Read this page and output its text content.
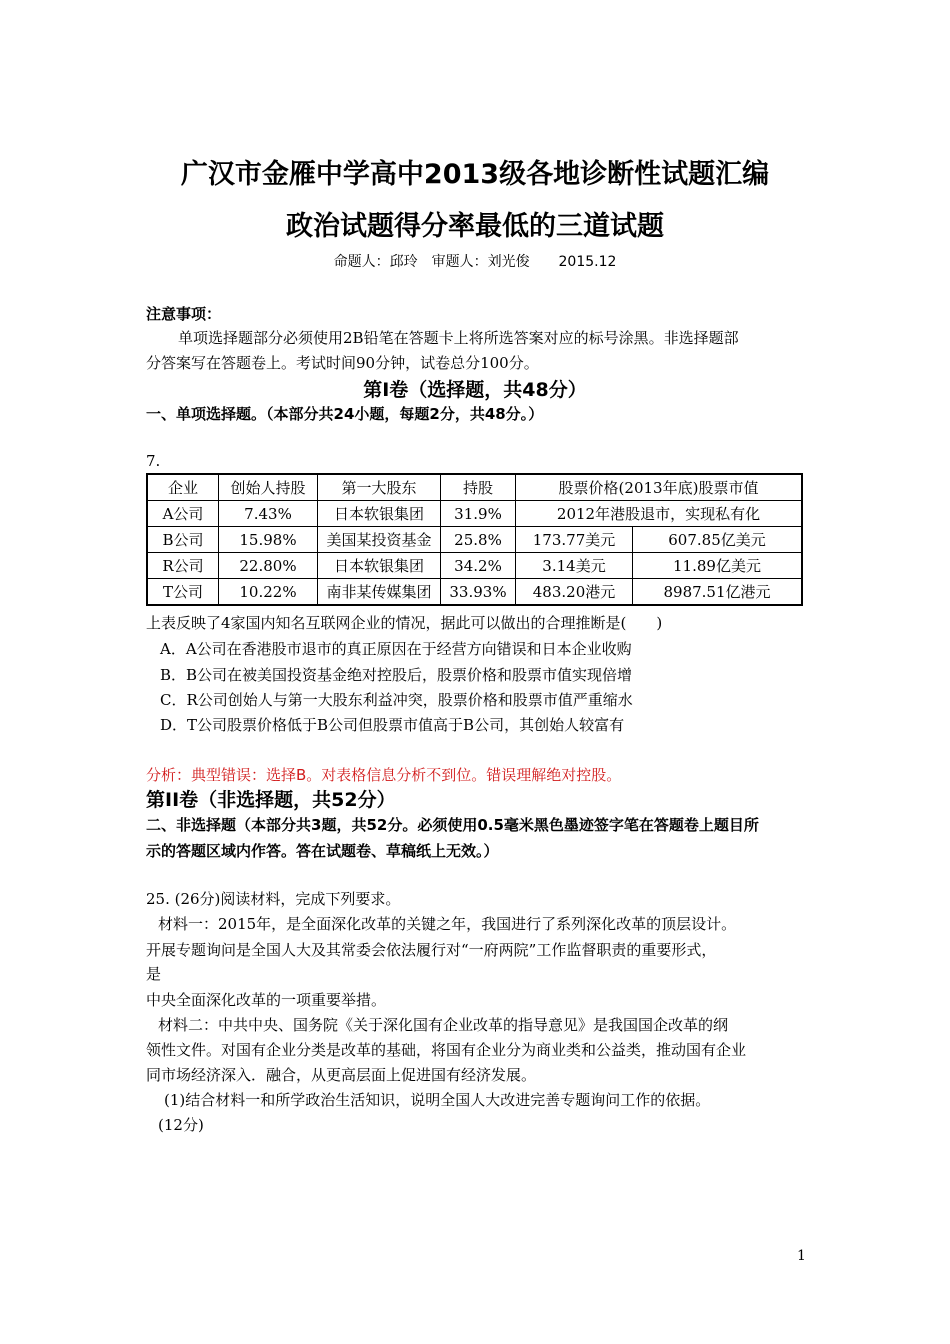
广汉市金雁中学高中2013级各地诊断性试题汇编
政治试题得分率最低的三道试题
命题人：邱玲　审题人：刘光俊 2015.12
注意事项：
单项选择题部分必须使用2B铅笔在答题卡上将所选答案对应的标号涂黑。非选择题部
分答案写在答题卷上。考试时间90分钟，试卷总分100分。
第Ⅰ卷（选择题，共48分）
一、单项选择题。（本部分共24小题，每题2分，共48分。）
7.
企业	创始人持股	第一大股东	持股	股票价格(2013年底)股票市值	
A公司	7.43%	日本软银集团	31.9%	2012年港股退市，实现私有化	
B公司	15.98%	美国某投资基金	25.8%	173.77美元	607.85亿美元
R公司	22.80%	日本软银集团	34.2%	3.14美元	11.89亿美元
T公司	10.22%	南非某传媒集团	33.93%	483.20港元	8987.51亿港元
上表反映了4家国内知名互联网企业的情况，据此可以做出的合理推断是(　　)
A．A公司在香港股市退市的真正原因在于经营方向错误和日本企业收购
B．B公司在被美国投资基金绝对控股后，股票价格和股票市值实现倍增
C．R公司创始人与第一大股东利益冲突，股票价格和股票市值严重缩水
D．T公司股票价格低于B公司但股票市值高于B公司，其创始人较富有
分析：典型错误：选择B。对表格信息分析不到位。错误理解绝对控股。
第II卷（非选择题，共52分）
二、非选择题（本部分共3题，共52分。必须使用0.5毫米黑色墨迹签字笔在答题卷上题目所
示的答题区域内作答。答在试题卷、草稿纸上无效。）
25. (26分)阅读材料，完成下列要求。
材料一：2015年，是全面深化改革的关键之年，我国进行了系列深化改革的顶层设计。
开展专题询问是全国人大及其常委会依法履行对“一府两院”工作监督职责的重要形式，
是
中央全面深化改革的一项重要举措。
材料二：中共中央、国务院《关于深化国有企业改革的指导意见》是我国国企改革的纲
领性文件。对国有企业分类是改革的基础，将国有企业分为商业类和公益类，推动国有企业
同市场经济深入．融合，从更高层面上促进国有经济发展。
(1)结合材料一和所学政治生活知识，说明全国人大改进完善专题询问工作的依据。
(12分)
1
